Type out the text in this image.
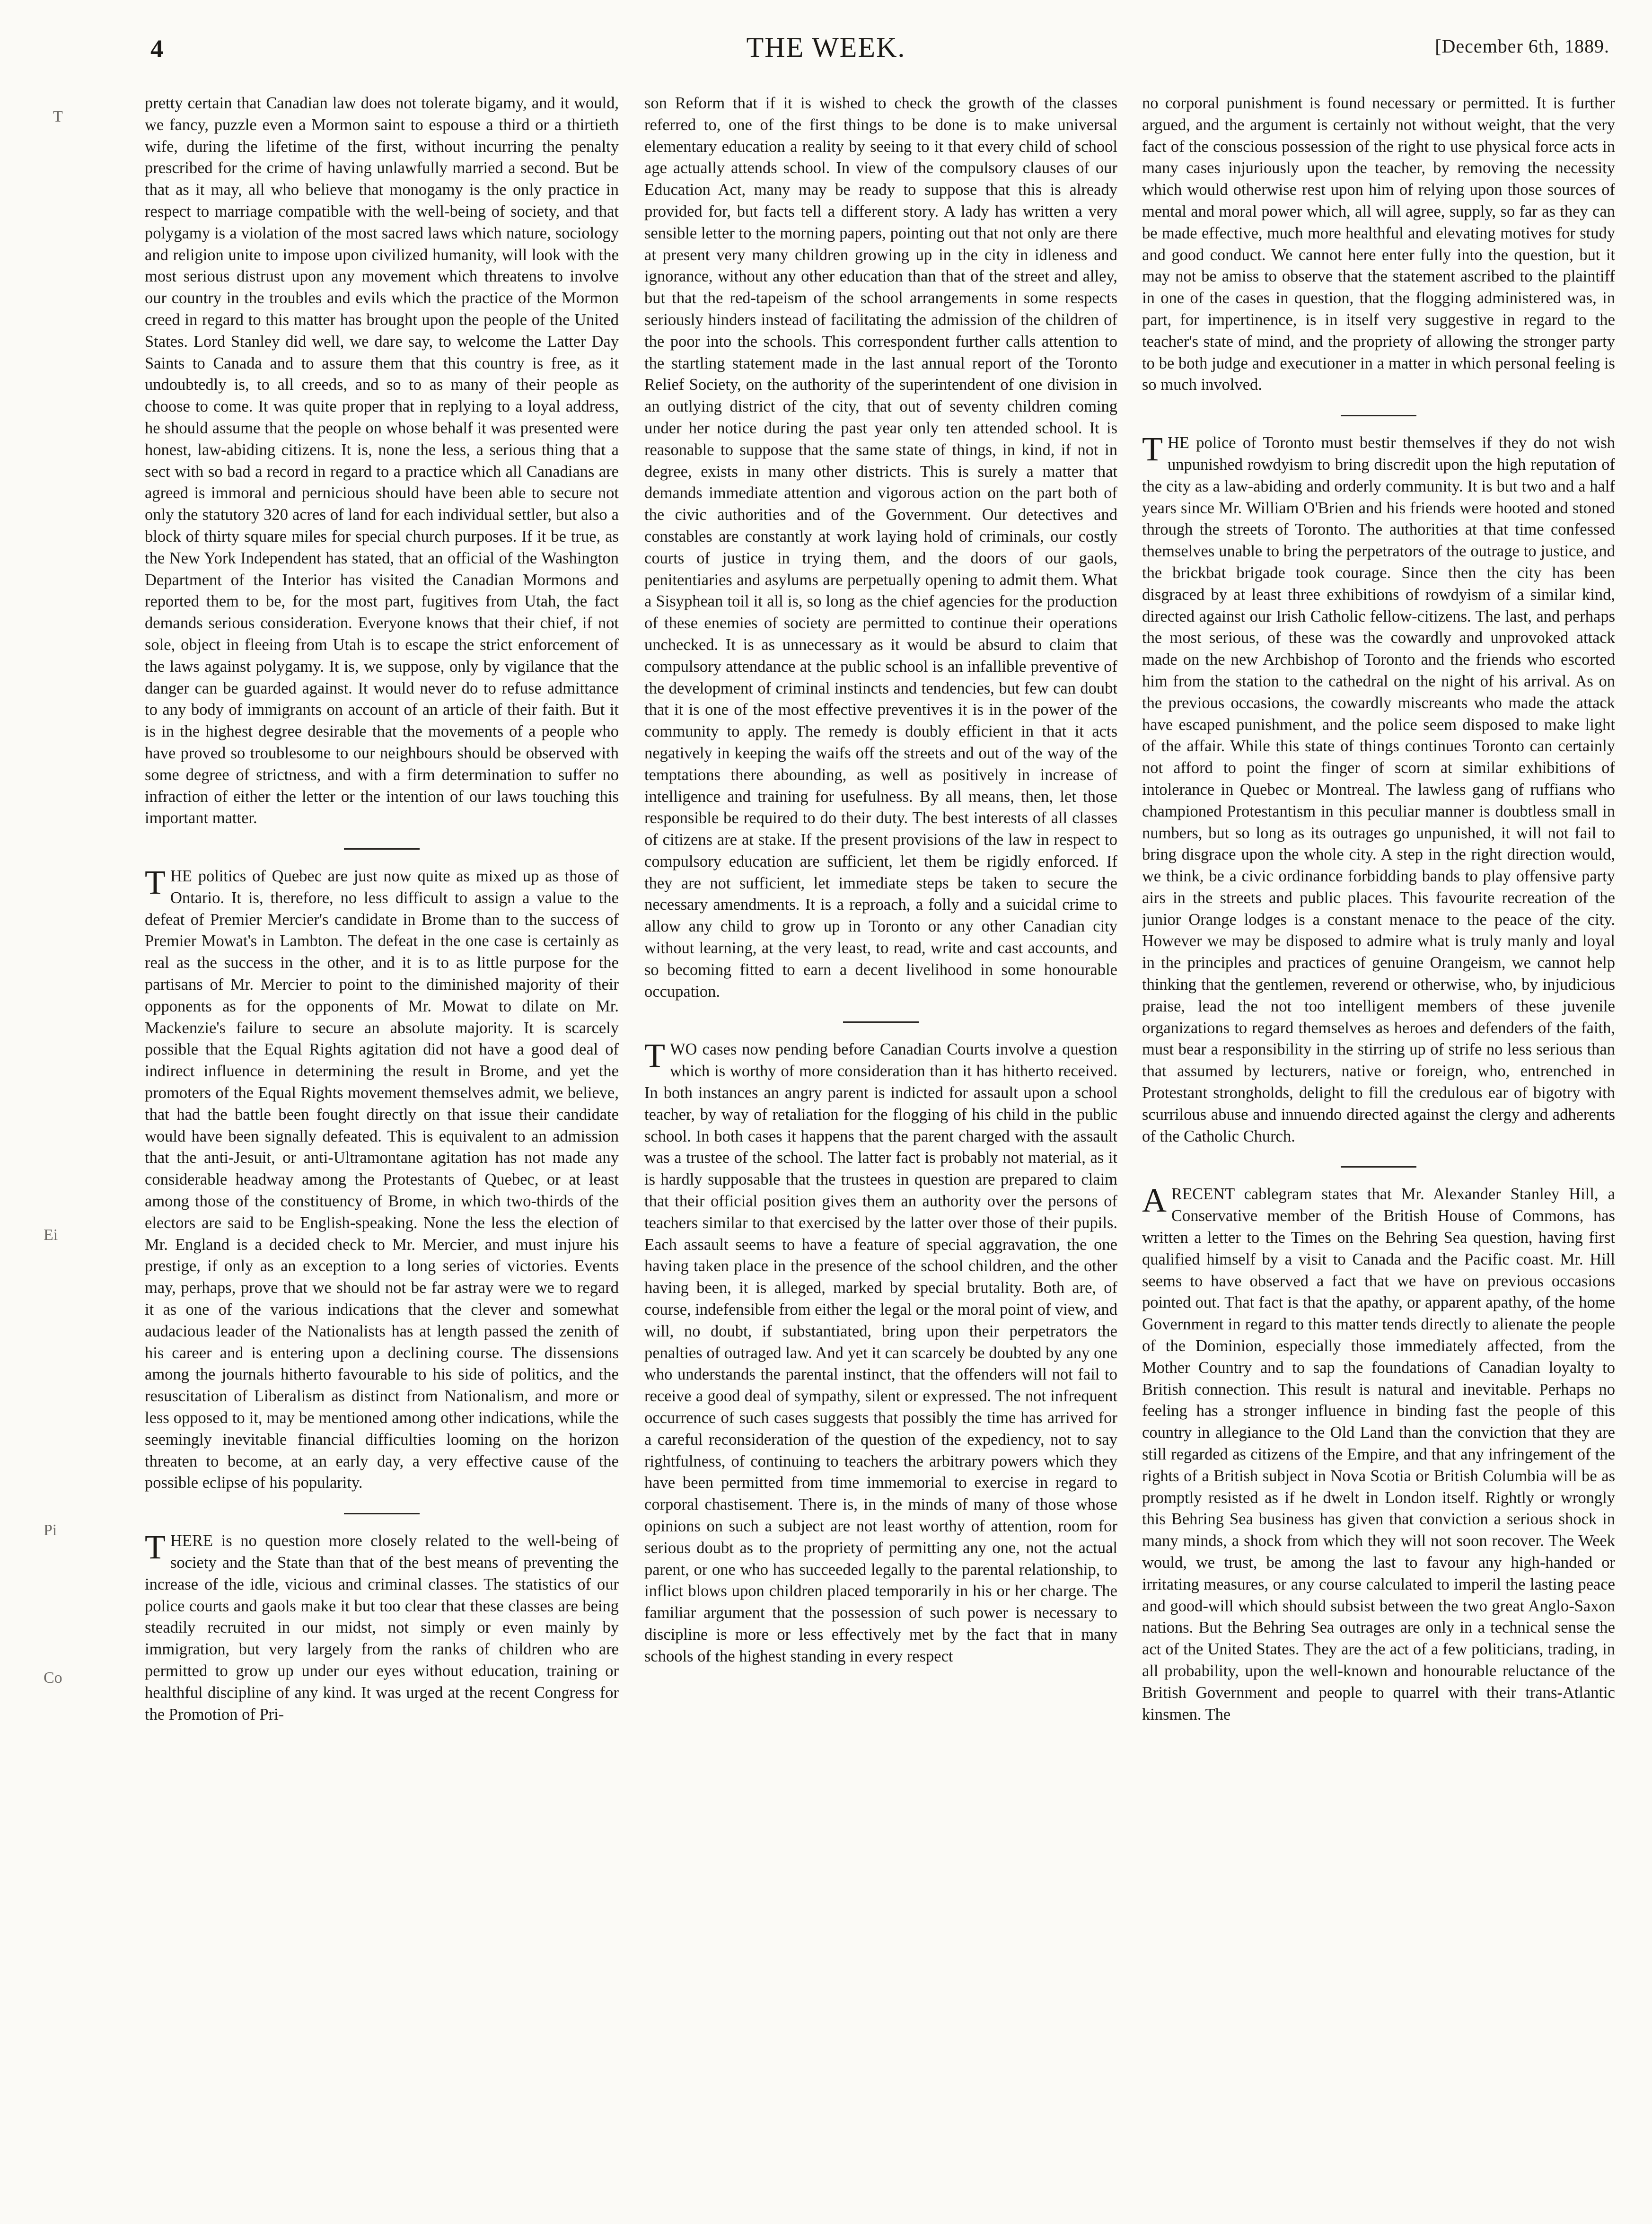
4	THE WEEK.	[December 6th, 1889.
T
Ei
Pi
Co

pretty certain that Canadian law does not tolerate bigamy, and it would, we fancy, puzzle even a Mormon saint to espouse a third or a thirtieth wife, during the lifetime of the first, without incurring the penalty prescribed for the crime of having unlawfully married a second. But be that as it may, all who believe that monogamy is the only practice in respect to marriage compatible with the well-being of society, and that polygamy is a violation of the most sacred laws which nature, sociology and religion unite to impose upon civilized humanity, will look with the most serious distrust upon any movement which threatens to involve our country in the troubles and evils which the practice of the Mormon creed in regard to this matter has brought upon the people of the United States. Lord Stanley did well, we dare say, to welcome the Latter Day Saints to Canada and to assure them that this country is free, as it undoubtedly is, to all creeds, and so to as many of their people as choose to come. It was quite proper that in replying to a loyal address, he should assume that the people on whose behalf it was presented were honest, law-abiding citizens. It is, none the less, a serious thing that a sect with so bad a record in regard to a practice which all Canadians are agreed is immoral and pernicious should have been able to secure not only the statutory 320 acres of land for each individual settler, but also a block of thirty square miles for special church purposes. If it be true, as the New York Independent has stated, that an official of the Washington Department of the Interior has visited the Canadian Mormons and reported them to be, for the most part, fugitives from Utah, the fact demands serious consideration. Everyone knows that their chief, if not sole, object in fleeing from Utah is to escape the strict enforcement of the laws against polygamy. It is, we suppose, only by vigilance that the danger can be guarded against. It would never do to refuse admittance to any body of immigrants on account of an article of their faith. But it is in the highest degree desirable that the movements of a people who have proved so troublesome to our neighbours should be observed with some degree of strictness, and with a firm determination to suffer no infraction of either the letter or the intention of our laws touching this important matter.

THE politics of Quebec are just now quite as mixed up as those of Ontario. It is, therefore, no less difficult to assign a value to the defeat of Premier Mercier's candidate in Brome than to the success of Premier Mowat's in Lambton. The defeat in the one case is certainly as real as the success in the other, and it is to as little purpose for the partisans of Mr. Mercier to point to the diminished majority of their opponents as for the opponents of Mr. Mowat to dilate on Mr. Mackenzie's failure to secure an absolute majority. It is scarcely possible that the Equal Rights agitation did not have a good deal of indirect influence in determining the result in Brome, and yet the promoters of the Equal Rights movement themselves admit, we believe, that had the battle been fought directly on that issue their candidate would have been signally defeated. This is equivalent to an admission that the anti-Jesuit, or anti-Ultramontane agitation has not made any considerable headway among the Protestants of Quebec, or at least among those of the constituency of Brome, in which two-thirds of the electors are said to be English-speaking. None the less the election of Mr. England is a decided check to Mr. Mercier, and must injure his prestige, if only as an exception to a long series of victories. Events may, perhaps, prove that we should not be far astray were we to regard it as one of the various indications that the clever and somewhat audacious leader of the Nationalists has at length passed the zenith of his career and is entering upon a declining course. The dissensions among the journals hitherto favourable to his side of politics, and the resuscitation of Liberalism as distinct from Nationalism, and more or less opposed to it, may be mentioned among other indications, while the seemingly inevitable financial difficulties looming on the horizon threaten to become, at an early day, a very effective cause of the possible eclipse of his popularity.

THERE is no question more closely related to the well-being of society and the State than that of the best means of preventing the increase of the idle, vicious and criminal classes. The statistics of our police courts and gaols make it but too clear that these classes are being steadily recruited in our midst, not simply or even mainly by immigration, but very largely from the ranks of children who are permitted to grow up under our eyes without education, training or healthful discipline of any kind. It was urged at the recent Congress for the Promotion of Pri-

son Reform that if it is wished to check the growth of the classes referred to, one of the first things to be done is to make universal elementary education a reality by seeing to it that every child of school age actually attends school. In view of the compulsory clauses of our Education Act, many may be ready to suppose that this is already provided for, but facts tell a different story. A lady has written a very sensible letter to the morning papers, pointing out that not only are there at present very many children growing up in the city in idleness and ignorance, without any other education than that of the street and alley, but that the red-tapeism of the school arrangements in some respects seriously hinders instead of facilitating the admission of the children of the poor into the schools. This correspondent further calls attention to the startling statement made in the last annual report of the Toronto Relief Society, on the authority of the superintendent of one division in an outlying district of the city, that out of seventy children coming under her notice during the past year only ten attended school. It is reasonable to suppose that the same state of things, in kind, if not in degree, exists in many other districts. This is surely a matter that demands immediate attention and vigorous action on the part both of the civic authorities and of the Government. Our detectives and constables are constantly at work laying hold of criminals, our costly courts of justice in trying them, and the doors of our gaols, penitentiaries and asylums are perpetually opening to admit them. What a Sisyphean toil it all is, so long as the chief agencies for the production of these enemies of society are permitted to continue their operations unchecked. It is as unnecessary as it would be absurd to claim that compulsory attendance at the public school is an infallible preventive of the development of criminal instincts and tendencies, but few can doubt that it is one of the most effective preventives it is in the power of the community to apply. The remedy is doubly efficient in that it acts negatively in keeping the waifs off the streets and out of the way of the temptations there abounding, as well as positively in increase of intelligence and training for usefulness. By all means, then, let those responsible be required to do their duty. The best interests of all classes of citizens are at stake. If the present provisions of the law in respect to compulsory education are sufficient, let them be rigidly enforced. If they are not sufficient, let immediate steps be taken to secure the necessary amendments. It is a reproach, a folly and a suicidal crime to allow any child to grow up in Toronto or any other Canadian city without learning, at the very least, to read, write and cast accounts, and so becoming fitted to earn a decent livelihood in some honourable occupation.

TWO cases now pending before Canadian Courts involve a question which is worthy of more consideration than it has hitherto received. In both instances an angry parent is indicted for assault upon a school teacher, by way of retaliation for the flogging of his child in the public school. In both cases it happens that the parent charged with the assault was a trustee of the school. The latter fact is probably not material, as it is hardly supposable that the trustees in question are prepared to claim that their official position gives them an authority over the persons of teachers similar to that exercised by the latter over those of their pupils. Each assault seems to have a feature of special aggravation, the one having taken place in the presence of the school children, and the other having been, it is alleged, marked by special brutality. Both are, of course, indefensible from either the legal or the moral point of view, and will, no doubt, if substantiated, bring upon their perpetrators the penalties of outraged law. And yet it can scarcely be doubted by any one who understands the parental instinct, that the offenders will not fail to receive a good deal of sympathy, silent or expressed. The not infrequent occurrence of such cases suggests that possibly the time has arrived for a careful reconsideration of the question of the expediency, not to say rightfulness, of continuing to teachers the arbitrary powers which they have been permitted from time immemorial to exercise in regard to corporal chastisement. There is, in the minds of many of those whose opinions on such a subject are not least worthy of attention, room for serious doubt as to the propriety of permitting any one, not the actual parent, or one who has succeeded legally to the parental relationship, to inflict blows upon children placed temporarily in his or her charge. The familiar argument that the possession of such power is necessary to discipline is more or less effectively met by the fact that in many schools of the highest standing in every respect

no corporal punishment is found necessary or permitted. It is further argued, and the argument is certainly not without weight, that the very fact of the conscious possession of the right to use physical force acts in many cases injuriously upon the teacher, by removing the necessity which would otherwise rest upon him of relying upon those sources of mental and moral power which, all will agree, supply, so far as they can be made effective, much more healthful and elevating motives for study and good conduct. We cannot here enter fully into the question, but it may not be amiss to observe that the statement ascribed to the plaintiff in one of the cases in question, that the flogging administered was, in part, for impertinence, is in itself very suggestive in regard to the teacher's state of mind, and the propriety of allowing the stronger party to be both judge and executioner in a matter in which personal feeling is so much involved.

THE police of Toronto must bestir themselves if they do not wish unpunished rowdyism to bring discredit upon the high reputation of the city as a law-abiding and orderly community. It is but two and a half years since Mr. William O'Brien and his friends were hooted and stoned through the streets of Toronto. The authorities at that time confessed themselves unable to bring the perpetrators of the outrage to justice, and the brickbat brigade took courage. Since then the city has been disgraced by at least three exhibitions of rowdyism of a similar kind, directed against our Irish Catholic fellow-citizens. The last, and perhaps the most serious, of these was the cowardly and unprovoked attack made on the new Archbishop of Toronto and the friends who escorted him from the station to the cathedral on the night of his arrival. As on the previous occasions, the cowardly miscreants who made the attack have escaped punishment, and the police seem disposed to make light of the affair. While this state of things continues Toronto can certainly not afford to point the finger of scorn at similar exhibitions of intolerance in Quebec or Montreal. The lawless gang of ruffians who championed Protestantism in this peculiar manner is doubtless small in numbers, but so long as its outrages go unpunished, it will not fail to bring disgrace upon the whole city. A step in the right direction would, we think, be a civic ordinance forbidding bands to play offensive party airs in the streets and public places. This favourite recreation of the junior Orange lodges is a constant menace to the peace of the city. However we may be disposed to admire what is truly manly and loyal in the principles and practices of genuine Orangeism, we cannot help thinking that the gentlemen, reverend or otherwise, who, by injudicious praise, lead the not too intelligent members of these juvenile organizations to regard themselves as heroes and defenders of the faith, must bear a responsibility in the stirring up of strife no less serious than that assumed by lecturers, native or foreign, who, entrenched in Protestant strongholds, delight to fill the credulous ear of bigotry with scurrilous abuse and innuendo directed against the clergy and adherents of the Catholic Church.

ARECENT cablegram states that Mr. Alexander Stanley Hill, a Conservative member of the British House of Commons, has written a letter to the Times on the Behring Sea question, having first qualified himself by a visit to Canada and the Pacific coast. Mr. Hill seems to have observed a fact that we have on previous occasions pointed out. That fact is that the apathy, or apparent apathy, of the home Government in regard to this matter tends directly to alienate the people of the Dominion, especially those immediately affected, from the Mother Country and to sap the foundations of Canadian loyalty to British connection. This result is natural and inevitable. Perhaps no feeling has a stronger influence in binding fast the people of this country in allegiance to the Old Land than the conviction that they are still regarded as citizens of the Empire, and that any infringement of the rights of a British subject in Nova Scotia or British Columbia will be as promptly resisted as if he dwelt in London itself. Rightly or wrongly this Behring Sea business has given that conviction a serious shock in many minds, a shock from which they will not soon recover. The Week would, we trust, be among the last to favour any high-handed or irritating measures, or any course calculated to imperil the lasting peace and good-will which should subsist between the two great Anglo-Saxon nations. But the Behring Sea outrages are only in a technical sense the act of the United States. They are the act of a few politicians, trading, in all probability, upon the well-known and honourable reluctance of the British Government and people to quarrel with their trans-Atlantic kinsmen. The
